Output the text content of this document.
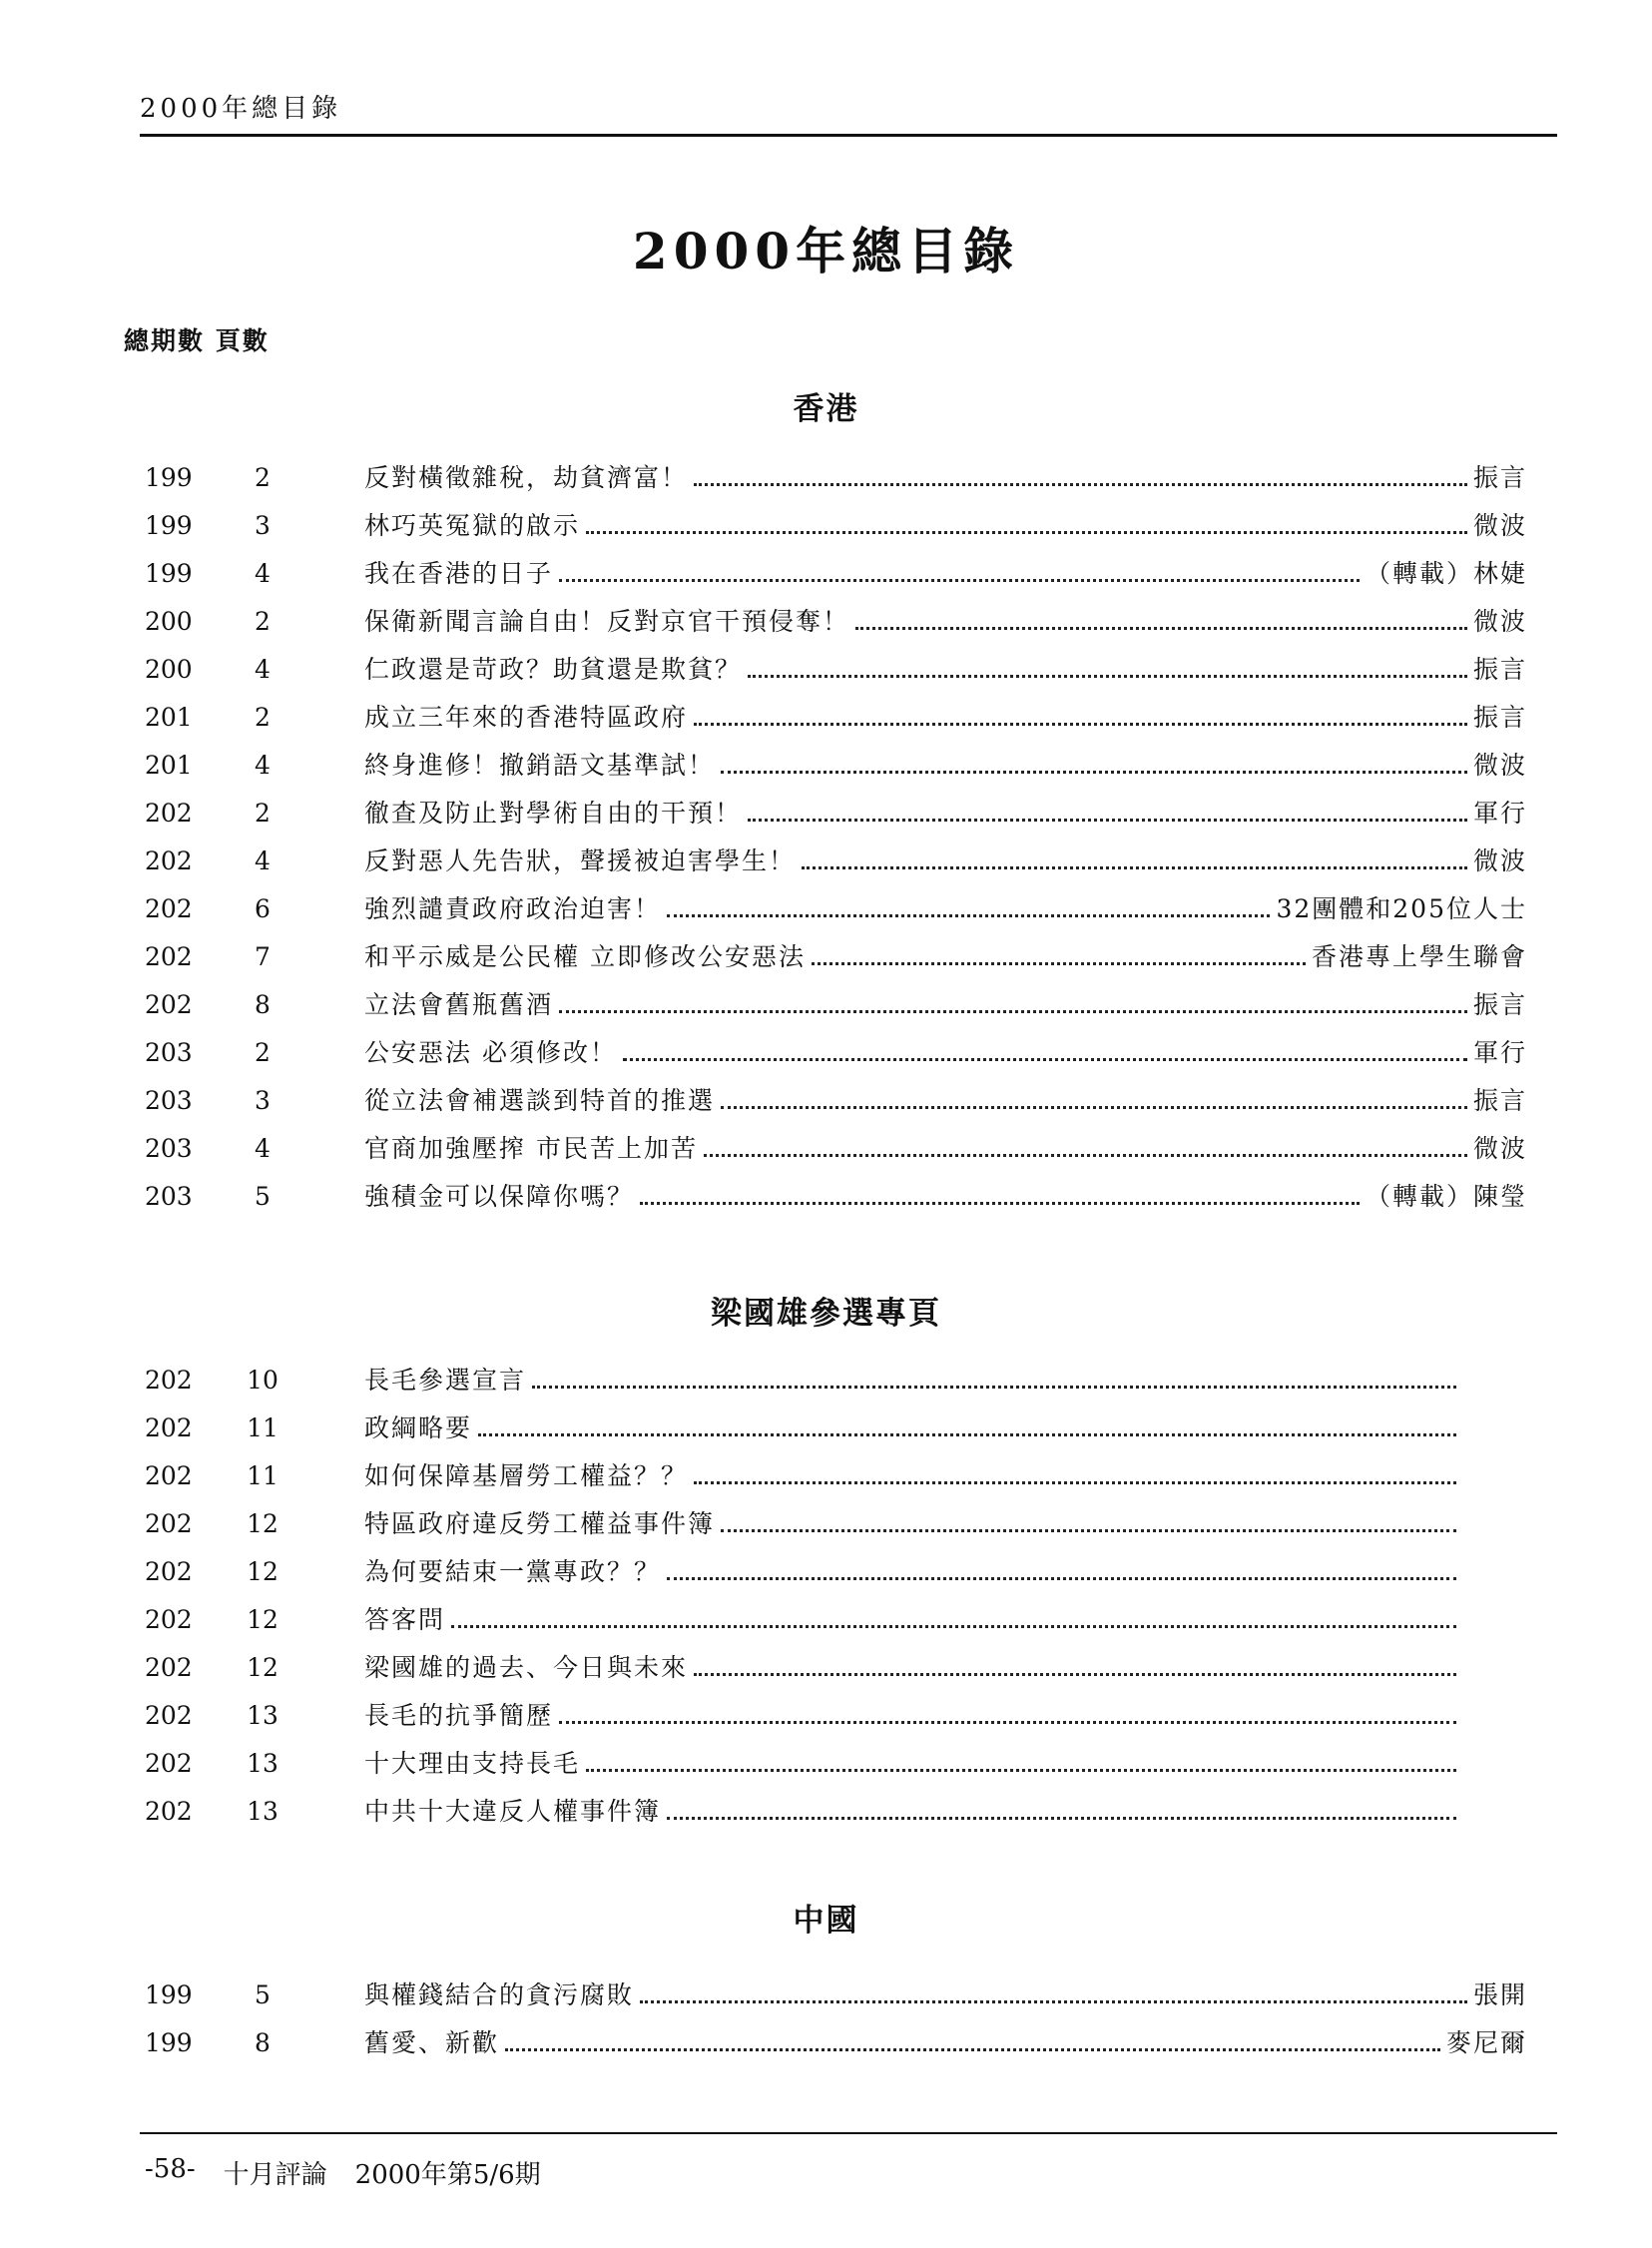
2000年總目錄
2000年總目錄
總期數 頁數
香港
199	2	反對橫徵雜稅，劫貧濟富！	振言
199	3	林巧英冤獄的啟示	微波
199	4	我在香港的日子	（轉載）林婕
200	2	保衛新聞言論自由！反對京官干預侵奪！	微波
200	4	仁政還是苛政？助貧還是欺貧？	振言
201	2	成立三年來的香港特區政府	振言
201	4	終身進修！撤銷語文基準試！	微波
202	2	徹查及防止對學術自由的干預！	軍行
202	4	反對惡人先告狀，聲援被迫害學生！	微波
202	6	強烈譴責政府政治迫害！	32團體和205位人士
202	7	和平示威是公民權 立即修改公安惡法	香港專上學生聯會
202	8	立法會舊瓶舊酒	振言
203	2	公安惡法 必須修改！	軍行
203	3	從立法會補選談到特首的推選	振言
203	4	官商加強壓搾 市民苦上加苦	微波
203	5	強積金可以保障你嗎？	（轉載）陳瑩
梁國雄參選專頁
202	10	長毛參選宣言
202	11	政綱略要
202	11	如何保障基層勞工權益？？
202	12	特區政府違反勞工權益事件簿
202	12	為何要結束一黨專政？？
202	12	答客問
202	12	梁國雄的過去、今日與未來
202	13	長毛的抗爭簡歷
202	13	十大理由支持長毛
202	13	中共十大違反人權事件簿
中國
199	5	與權錢結合的貪污腐敗	張開
199	8	舊愛、新歡	麥尼爾
-58- 十月評論 2000年第5/6期
